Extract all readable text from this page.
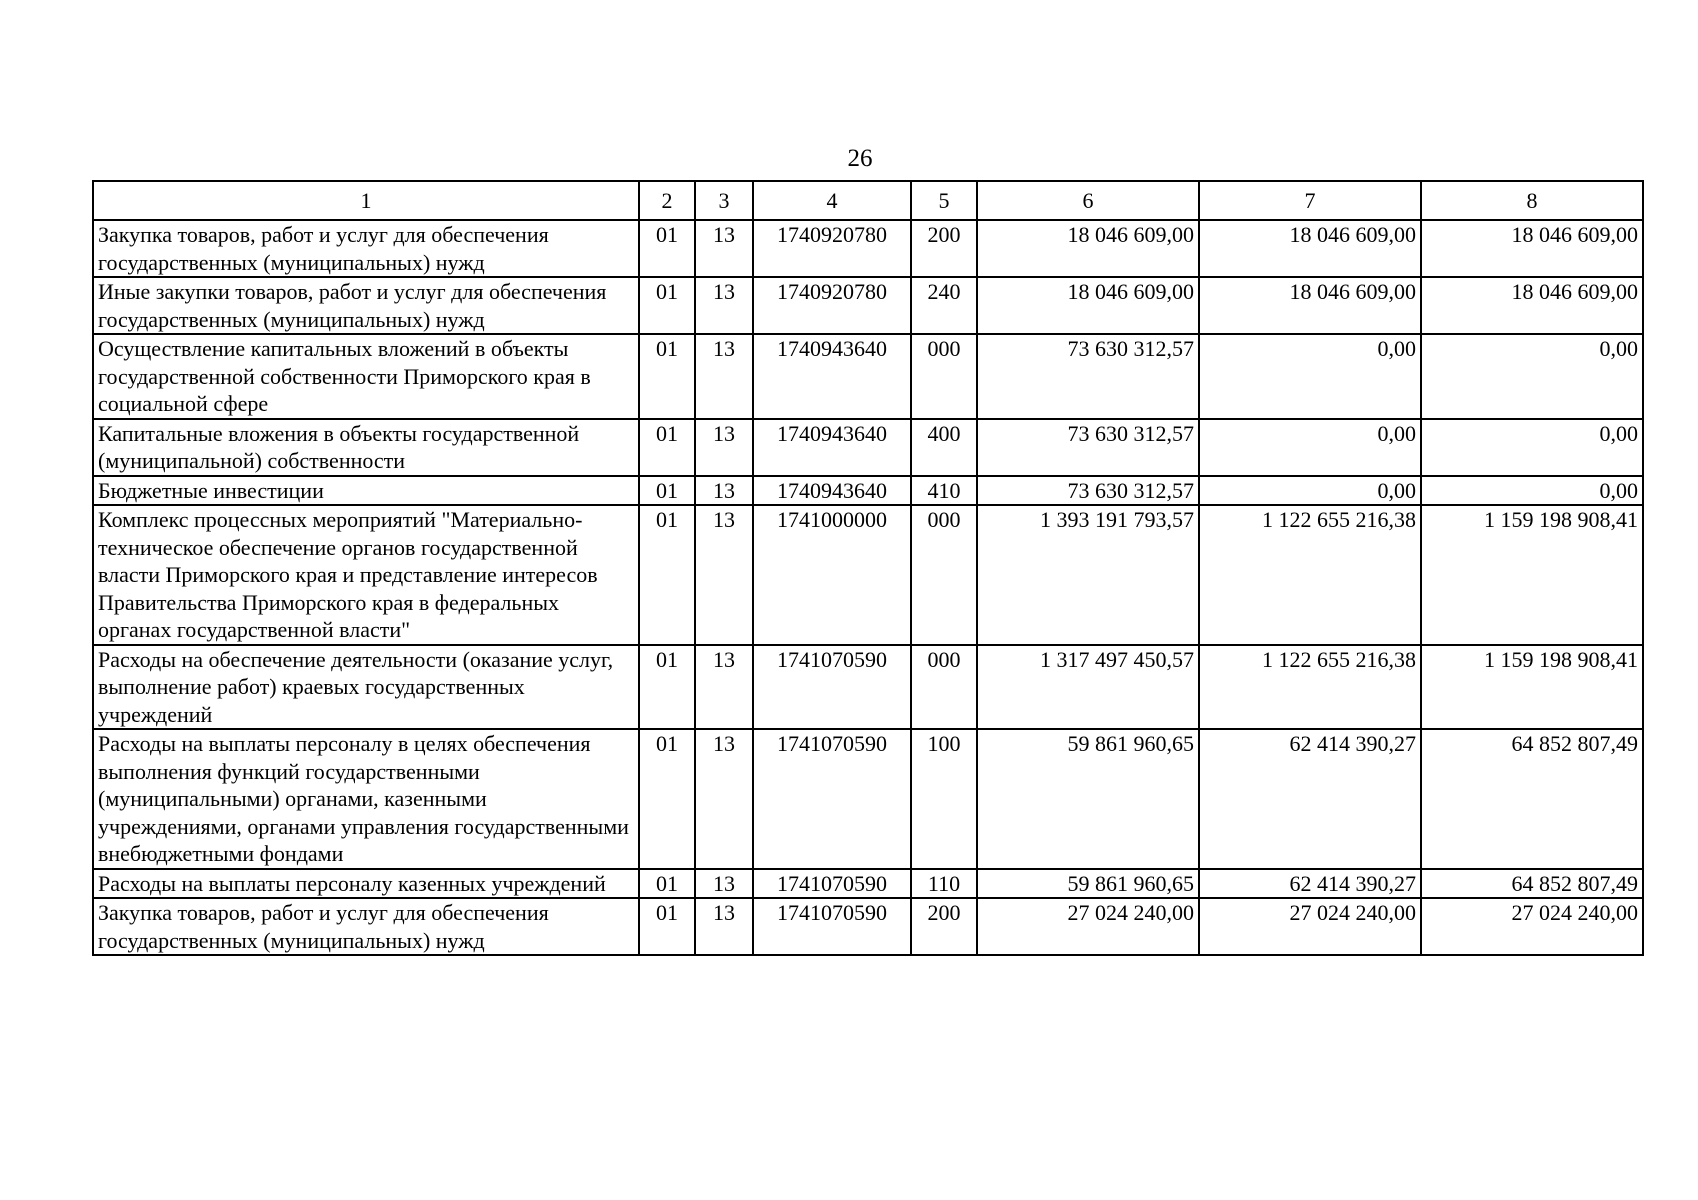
26
1	2	3	4	5	6	7	8
Закупка товаров, работ и услуг для обеспечения государственных (муниципальных) нужд	01	13	1740920780	200	18 046 609,00	18 046 609,00	18 046 609,00
Иные закупки товаров, работ и услуг для обеспечения государственных (муниципальных) нужд	01	13	1740920780	240	18 046 609,00	18 046 609,00	18 046 609,00
Осуществление капитальных вложений в объекты государственной собственности Приморского края в социальной сфере	01	13	1740943640	000	73 630 312,57	0,00	0,00
Капитальные вложения в объекты государственной (муниципальной) собственности	01	13	1740943640	400	73 630 312,57	0,00	0,00
Бюджетные инвестиции	01	13	1740943640	410	73 630 312,57	0,00	0,00
Комплекс процессных мероприятий "Материально-техническое обеспечение органов государственной власти Приморского края и представление интересов Правительства Приморского края в федеральных органах государственной власти"	01	13	1741000000	000	1 393 191 793,57	1 122 655 216,38	1 159 198 908,41
Расходы на обеспечение деятельности (оказание услуг, выполнение работ) краевых государственных учреждений	01	13	1741070590	000	1 317 497 450,57	1 122 655 216,38	1 159 198 908,41
Расходы на выплаты персоналу в целях обеспечения выполнения функций государственными (муниципальными) органами, казенными учреждениями, органами управления государственными внебюджетными фондами	01	13	1741070590	100	59 861 960,65	62 414 390,27	64 852 807,49
Расходы на выплаты персоналу казенных учреждений	01	13	1741070590	110	59 861 960,65	62 414 390,27	64 852 807,49
Закупка товаров, работ и услуг для обеспечения государственных (муниципальных) нужд	01	13	1741070590	200	27 024 240,00	27 024 240,00	27 024 240,00
